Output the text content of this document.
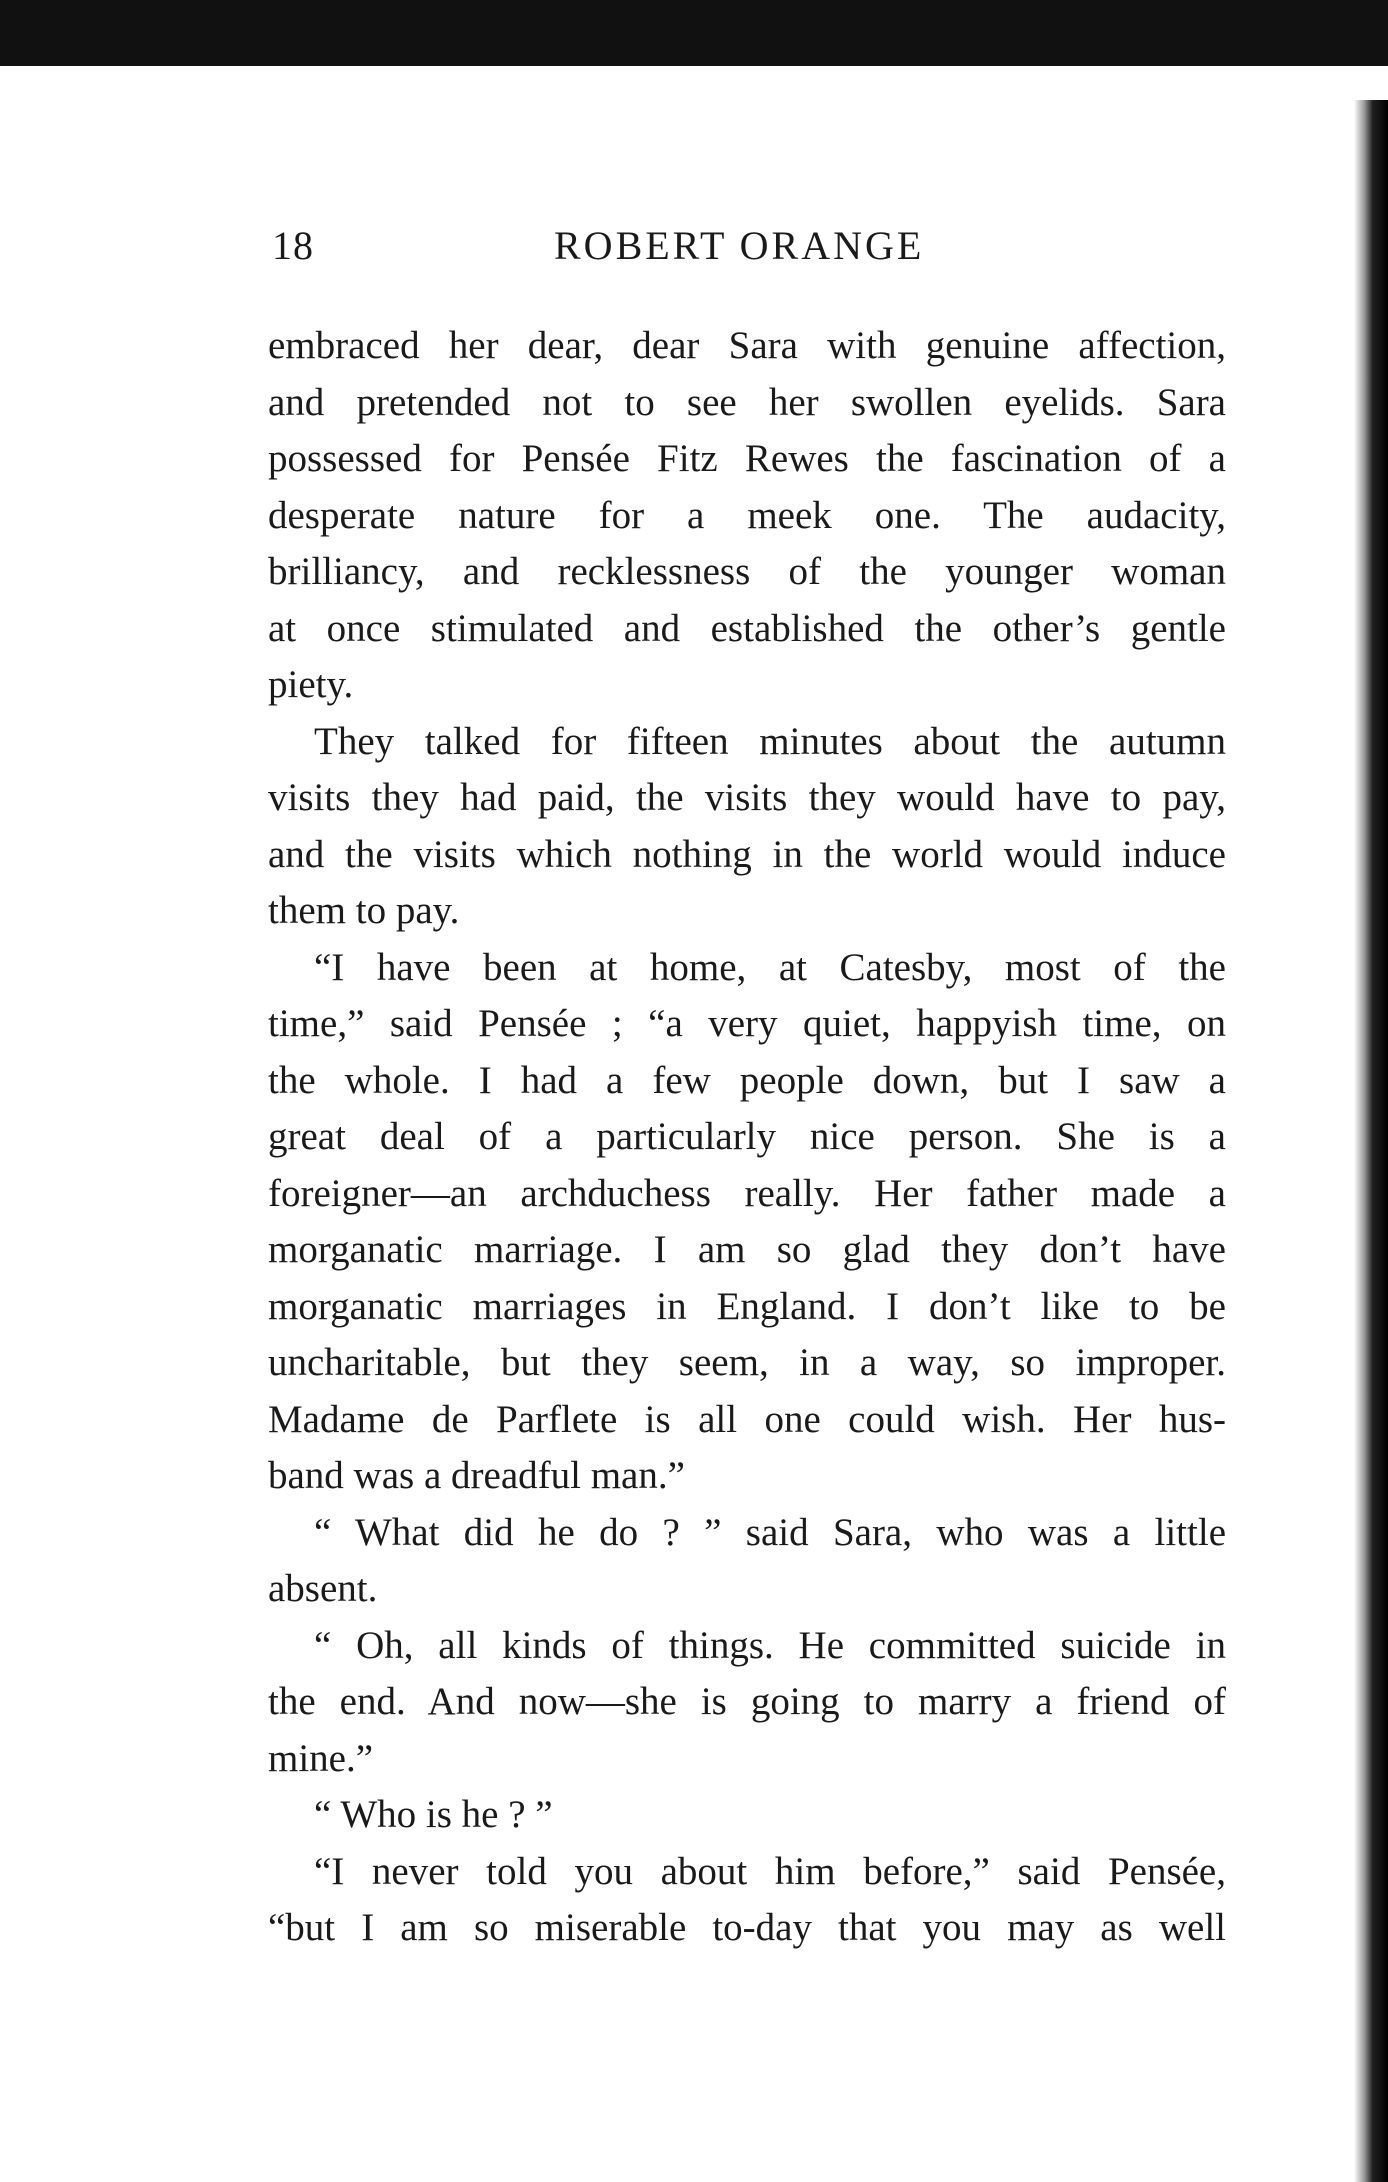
18	ROBERT ORANGE
embraced her dear, dear Sara with genuine affection,
and pretended not to see her swollen eyelids. Sara
possessed for Pensée Fitz Rewes the fascination of a
desperate nature for a meek one. The audacity,
brilliancy, and recklessness of the younger woman
at once stimulated and established the other’s gentle
piety.
They talked for fifteen minutes about the autumn
visits they had paid, the visits they would have to pay,
and the visits which nothing in the world would induce
them to pay.
“I have been at home, at Catesby, most of the
time,” said Pensée ; “a very quiet, happyish time, on
the whole. I had a few people down, but I saw a
great deal of a particularly nice person. She is a
foreigner—an archduchess really. Her father made a
morganatic marriage. I am so glad they don’t have
morganatic marriages in England. I don’t like to be
uncharitable, but they seem, in a way, so improper.
Madame de Parflete is all one could wish. Her hus-
band was a dreadful man.”
“ What did he do ? ” said Sara, who was a little
absent.
“ Oh, all kinds of things. He committed suicide in
the end. And now—she is going to marry a friend of
mine.”
“ Who is he ? ”
“I never told you about him before,” said Pensée,
“but I am so miserable to-day that you may as well
